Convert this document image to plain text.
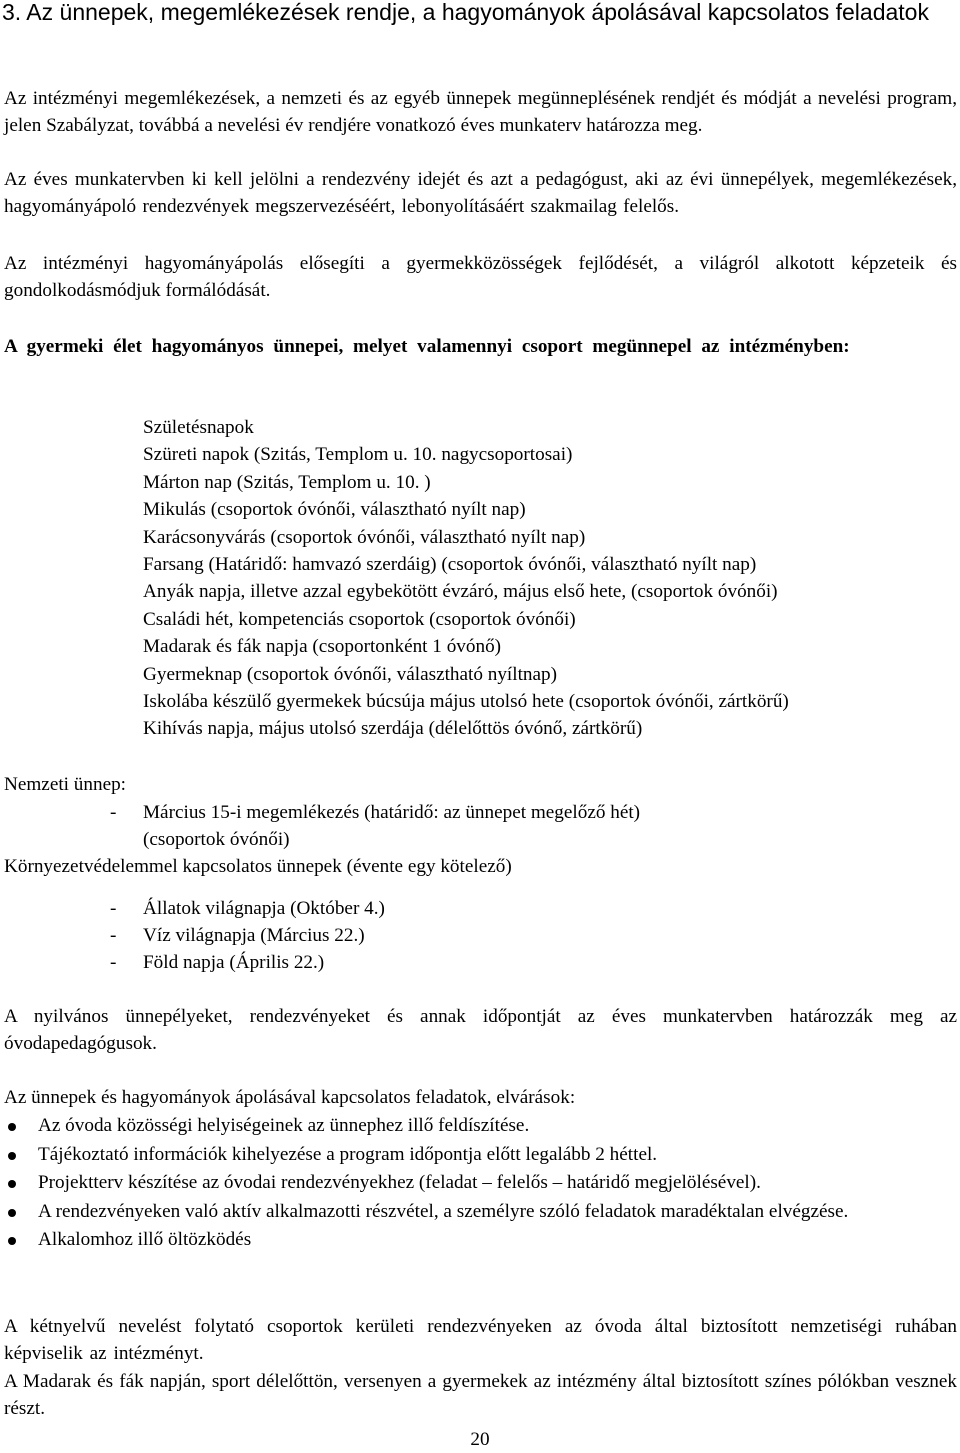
3. Az ünnepek, megemlékezések rendje, a hagyományok ápolásával kapcsolatos feladatok
Az intézményi megemlékezések, a nemzeti és az egyéb ünnepek megünneplésének rendjét és módját a nevelési program, jelen Szabályzat, továbbá a nevelési év rendjére vonatkozó éves munkaterv határozza meg.
Az éves munkatervben ki kell jelölni a rendezvény idejét és azt a pedagógust, aki az évi ünnepélyek, megemlékezések, hagyományápoló rendezvények megszervezéséért, lebonyolításáért szakmailag felelős.
Az intézményi hagyományápolás elősegíti a gyermekközösségek fejlődését, a világról alkotott képzeteik és gondolkodásmódjuk formálódását.
A gyermeki élet hagyományos ünnepei, melyet valamennyi csoport megünnepel az intézményben:
Születésnapok
Szüreti napok (Szitás, Templom u. 10. nagycsoportosai)
Márton nap (Szitás, Templom u. 10. )
Mikulás (csoportok óvónői, választható nyílt nap)
Karácsonyvárás (csoportok óvónői, választható nyílt nap)
Farsang (Határidő: hamvazó szerdáig) (csoportok óvónői, választható nyílt nap)
Anyák napja, illetve azzal egybekötött évzáró, május első hete, (csoportok óvónői)
Családi hét, kompetenciás csoportok (csoportok óvónői)
Madarak és fák napja (csoportonként 1 óvónő)
Gyermeknap (csoportok óvónői, választható nyíltnap)
Iskolába készülő gyermekek búcsúja május utolsó hete (csoportok óvónői, zártkörű)
Kihívás napja, május utolsó szerdája (délelőttös óvónő, zártkörű)
Nemzeti ünnep:
- Március 15-i megemlékezés (határidő: az ünnepet megelőző hét)
(csoportok óvónői)
Környezetvédelemmel kapcsolatos ünnepek (évente egy kötelező)
- Állatok világnapja (Október 4.)
- Víz világnapja (Március 22.)
- Föld napja (Április 22.)
A nyilvános ünnepélyeket, rendezvényeket és annak időpontját az éves munkatervben határozzák meg az óvodapedagógusok.
Az ünnepek és hagyományok ápolásával kapcsolatos feladatok, elvárások:
Az óvoda közösségi helyiségeinek az ünnephez illő feldíszítése.
Tájékoztató információk kihelyezése a program időpontja előtt legalább 2 héttel.
Projektterv készítése az óvodai rendezvényekhez (feladat – felelős – határidő megjelölésével).
A rendezvényeken való aktív alkalmazotti részvétel, a személyre szóló feladatok maradéktalan elvégzése.
Alkalomhoz illő öltözködés
A kétnyelvű nevelést folytató csoportok kerületi rendezvényeken az óvoda által biztosított nemzetiségi ruhában képviselik az intézményt.
A Madarak és fák napján, sport délelőttön, versenyen a gyermekek az intézmény által biztosított színes pólókban vesznek részt.
20
